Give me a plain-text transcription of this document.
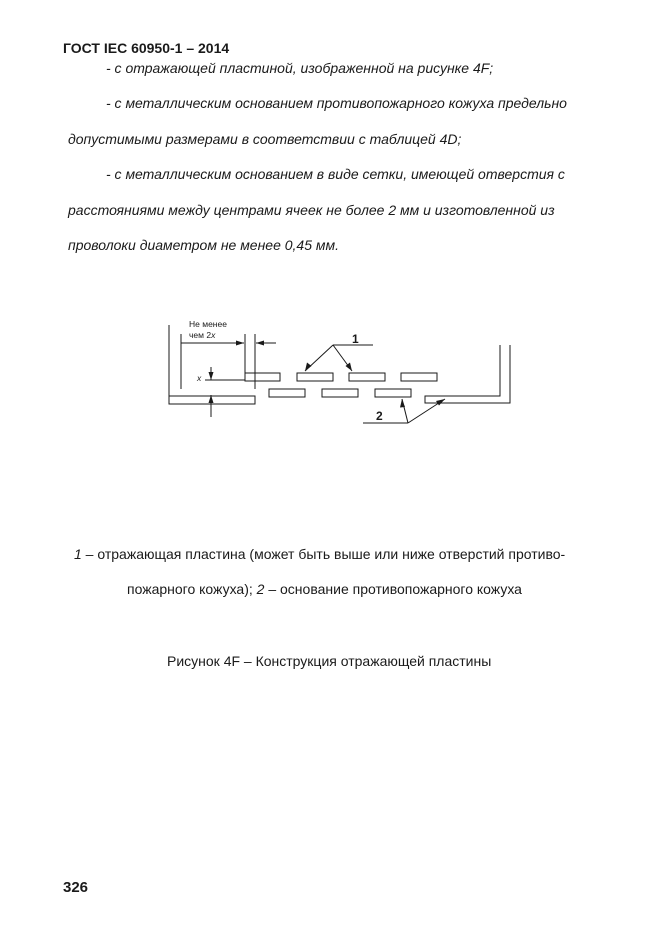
ГОСТ IEC 60950-1 – 2014
- с отражающей пластиной, изображенной на рисунке 4F;
- с металлическим основанием противопожарного кожуха предельно
допустимыми размерами в соответствии с таблицей 4D;
- с металлическим основанием в виде сетки, имеющей отверстия с
расстояниями между центрами ячеек не более 2 мм и изготовленной из
проволоки диаметром не менее 0,45 мм.
Не менее
чем 2x
x
1
2
1 – отражающая пластина (может быть выше или ниже отверстий противо-
пожарного кожуха); 2 – основание противопожарного кожуха
Рисунок 4F – Конструкция отражающей пластины
326
